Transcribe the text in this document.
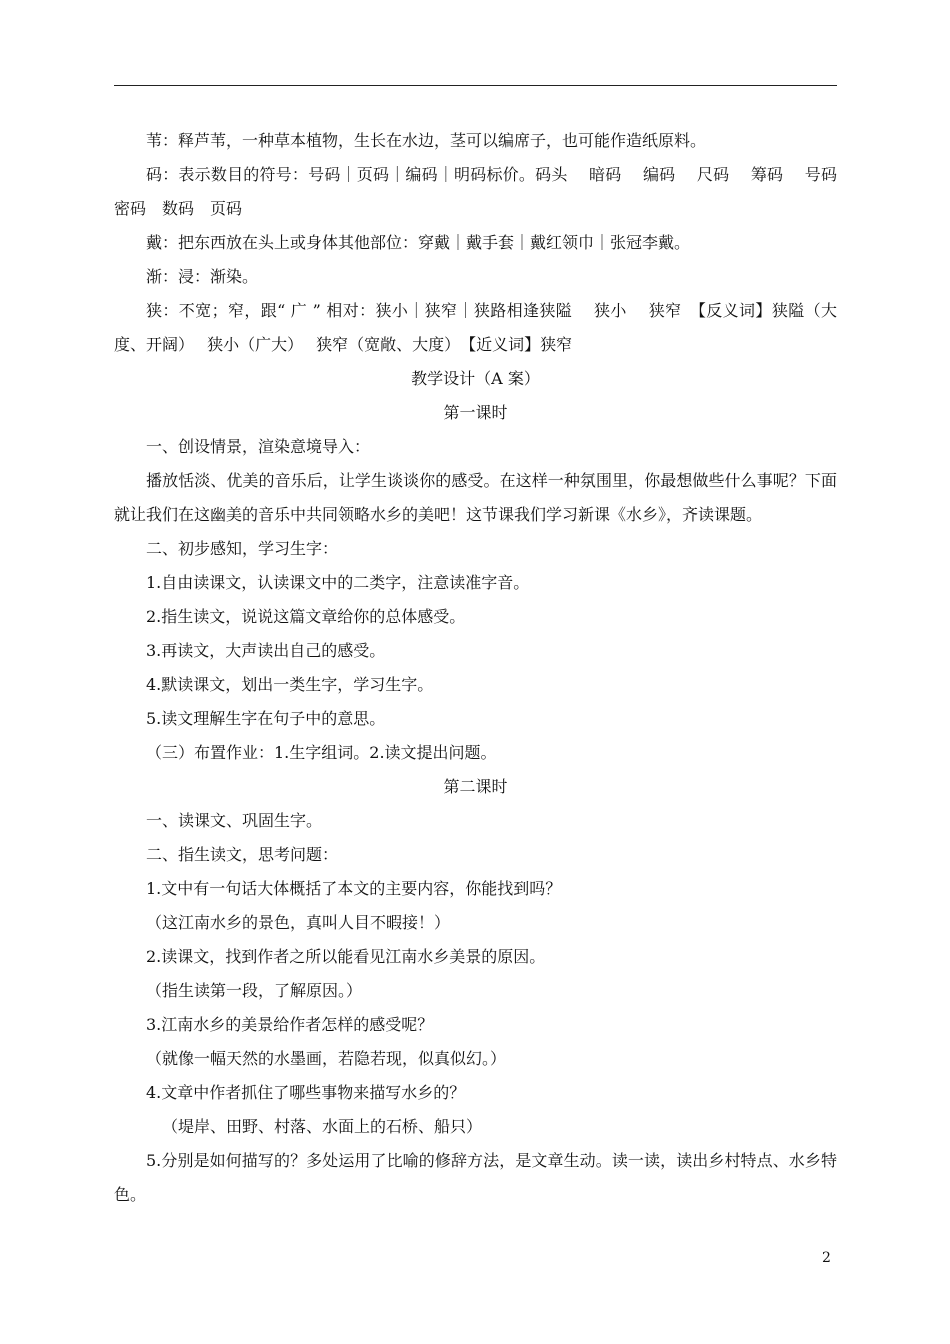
苇：释芦苇，一种草本植物，生长在水边，茎可以编席子，也可能作造纸原料。

码：表示数目的符号：号码｜页码｜编码｜明码标价。码头　 暗码　 编码　 尺码　 筹码　 号码　 密码　数码　页码

戴：把东西放在头上或身体其他部位：穿戴｜戴手套｜戴红领巾｜张冠李戴。

渐：浸：渐染。

狭：不宽；窄，跟“ 广 ” 相对：狭小｜狭窄｜狭路相逢狭隘　 狭小　 狭窄　【反义词】狭隘（大度、开阔）　 狭小（广大）　 狭窄（宽敞、大度）　【近义词】狭窄

教学设计（A 案）

第一课时

一、创设情景，渲染意境导入：

播放恬淡、优美的音乐后，让学生谈谈你的感受。在这样一种氛围里，你最想做些什么事呢？下面就让我们在这幽美的音乐中共同领略水乡的美吧！这节课我们学习新课《水乡》，齐读课题。

二、初步感知，学习生字：

1.自由读课文，认读课文中的二类字，注意读准字音。

2.指生读文，说说这篇文章给你的总体感受。

3.再读文，大声读出自己的感受。

4.默读课文，划出一类生字，学习生字。

5.读文理解生字在句子中的意思。

（三）布置作业：1.生字组词。2.读文提出问题。

第二课时

一、读课文、巩固生字。

二、指生读文，思考问题：

1.文中有一句话大体概括了本文的主要内容，你能找到吗？

（这江南水乡的景色，真叫人目不暇接！）

2.读课文，找到作者之所以能看见江南水乡美景的原因。

（指生读第一段，了解原因。）

3.江南水乡的美景给作者怎样的感受呢？

（就像一幅天然的水墨画，若隐若现，似真似幻。）

4.文章中作者抓住了哪些事物来描写水乡的？

（堤岸、田野、村落、水面上的石桥、船只）

5.分别是如何描写的？多处运用了比喻的修辞方法，是文章生动。读一读，读出乡村特点、水乡特色。

2
